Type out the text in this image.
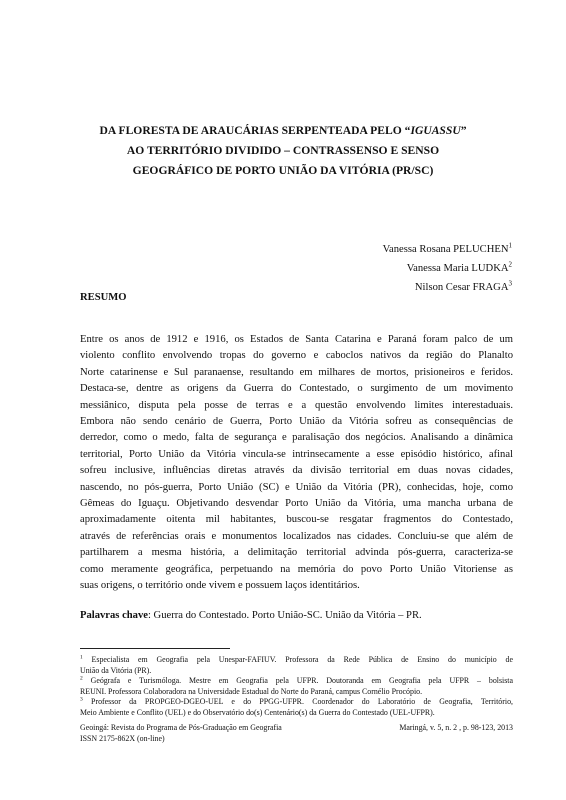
DA FLORESTA DE ARAUCÁRIAS SERPENTEADA PELO “IGUASSU”
AO TERRITÓRIO DIVIDIDO – CONTRASSENSO E SENSO
GEOGRÁFICO DE PORTO UNIÃO DA VITÓRIA (PR/SC)
Vanessa Rosana PELUCHEN$^1$
Vanessa Maria LUDKA$^2$
Nilson Cesar FRAGA$^3$
RESUMO
Entre os anos de 1912 e 1916, os Estados de Santa Catarina e Paraná foram palco de um
violento conflito envolvendo tropas do governo e caboclos nativos da região do Planalto
Norte catarinense e Sul paranaense, resultando em milhares de mortos, prisioneiros e feridos.
Destaca-se, dentre as origens da Guerra do Contestado, o surgimento de um movimento
messiânico, disputa pela posse de terras e a questão envolvendo limites interestaduais.
Embora não sendo cenário de Guerra, Porto União da Vitória sofreu as consequências de
derredor, como o medo, falta de segurança e paralisação dos negócios. Analisando a dinâmica
territorial, Porto União da Vitória vincula-se intrinsecamente a esse episódio histórico, afinal
sofreu inclusive, influências diretas através da divisão territorial em duas novas cidades,
nascendo, no pós-guerra, Porto União (SC) e União da Vitória (PR), conhecidas, hoje, como
Gêmeas do Iguaçu. Objetivando desvendar Porto União da Vitória, uma mancha urbana de
aproximadamente oitenta mil habitantes, buscou-se resgatar fragmentos do Contestado,
através de referências orais e monumentos localizados nas cidades. Concluiu-se que além de
partilharem a mesma história, a delimitação territorial advinda pós-guerra, caracteriza-se
como meramente geográfica, perpetuando na memória do povo Porto União Vitoriense as
suas origens, o território onde vivem e possuem laços identitários.
Palavras chave: Guerra do Contestado. Porto União-SC. União da Vitória – PR.
$^1$ Especialista em Geografia pela Unespar-FAFIUV. Professora da Rede Pública de Ensino do município de
União da Vitória (PR).
$^2$ Geógrafa e Turismóloga. Mestre em Geografia pela UFPR. Doutoranda em Geografia pela UFPR – bolsista
REUNI. Professora Colaboradora na Universidade Estadual do Norte do Paraná, campus Cornélio Procópio.
$^3$ Professor da PROPGEO-DGEO-UEL e do PPGG-UFPR. Coordenador do Laboratório de Geografia, Território,
Meio Ambiente e Conflito (UEL) e do Observatório do(s) Centenário(s) da Guerra do Contestado (UEL-UFPR).
Geoingá: Revista do Programa de Pós-Graduação em Geografia	Maringá, v. 5, n. 2 , p. 98-123, 2013
ISSN 2175-862X (on-line)
